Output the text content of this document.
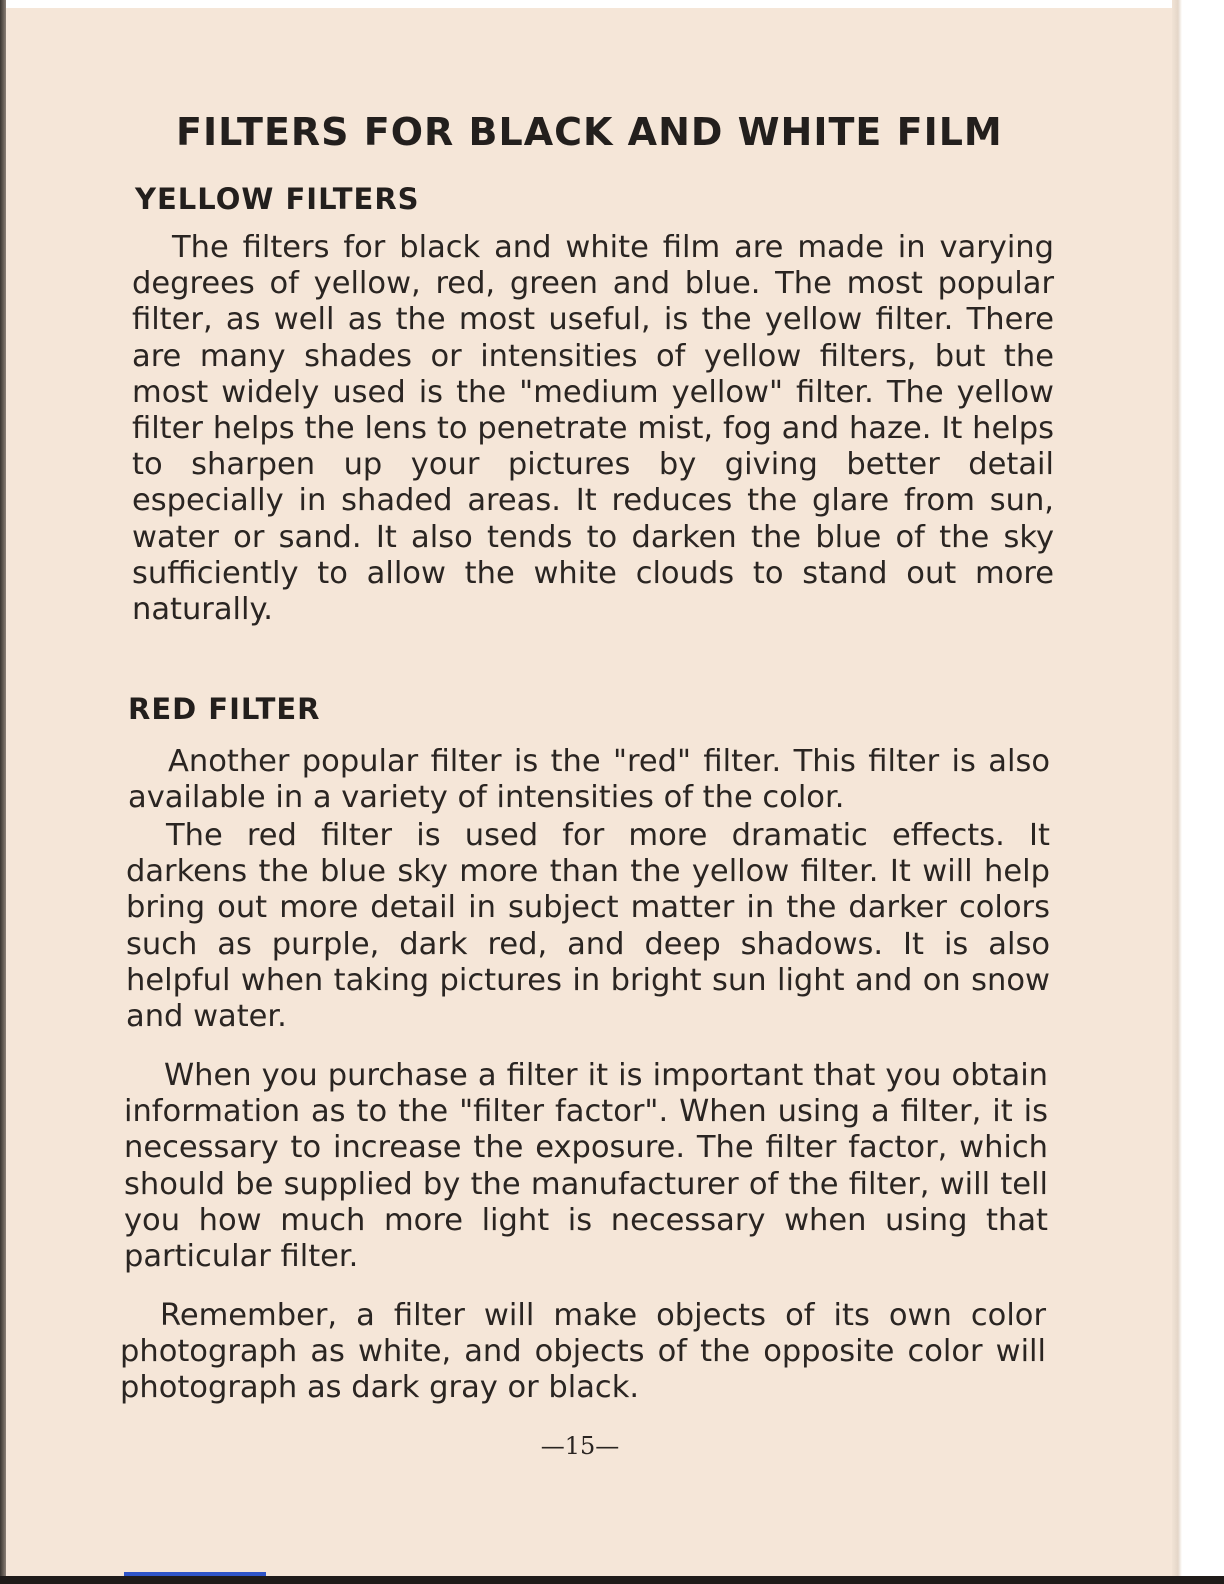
FILTERS FOR BLACK AND WHITE FILM
YELLOW FILTERS

The filters for black and white film are made in varying degrees of yellow, red, green and blue. The most popular filter, as well as the most useful, is the yellow filter. There are many shades or intensities of yellow filters, but the most widely used is the "medium yellow" filter. The yellow filter helps the lens to penetrate mist, fog and haze. It helps to sharpen up your pictures by giving better detail especially in shaded areas. It reduces the glare from sun, water or sand. It also tends to darken the blue of the sky sufficiently to allow the white clouds to stand out more naturally.

RED FILTER

Another popular filter is the "red" filter. This filter is also available in a variety of intensities of the color.

The red filter is used for more dramatic effects. It darkens the blue sky more than the yellow filter. It will help bring out more detail in subject matter in the darker colors such as purple, dark red, and deep shadows. It is also helpful when taking pictures in bright sun light and on snow and water.

When you purchase a filter it is important that you obtain information as to the "filter factor". When using a filter, it is necessary to increase the exposure. The filter factor, which should be supplied by the manufacturer of the filter, will tell you how much more light is necessary when using that particular filter.

Remember, a filter will make objects of its own color photograph as white, and objects of the opposite color will photograph as dark gray or black.

—15—
